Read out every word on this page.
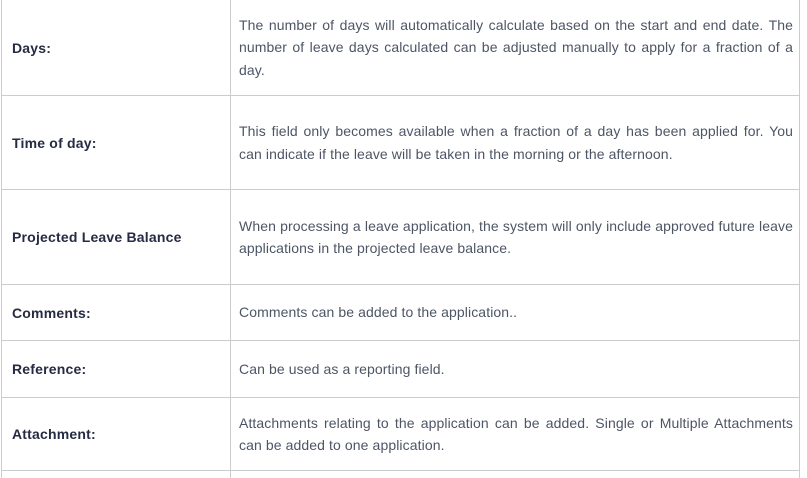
Days:

The number of days will automatically calculate based on the start and end date. The number of leave days calculated can be adjusted manually to apply for a fraction of a day.

Time of day:

This field only becomes available when a fraction of a day has been applied for. You can indicate if the leave will be taken in the morning or the afternoon.

Projected Leave Balance

When processing a leave application, the system will only include approved future leave applications in the projected leave balance.

Comments:	Comments can be added to the application..

Reference:	Can be used as a reporting field.

Attachment:

Attachments relating to the application can be added. Single or Multiple Attachments can be added to one application.
